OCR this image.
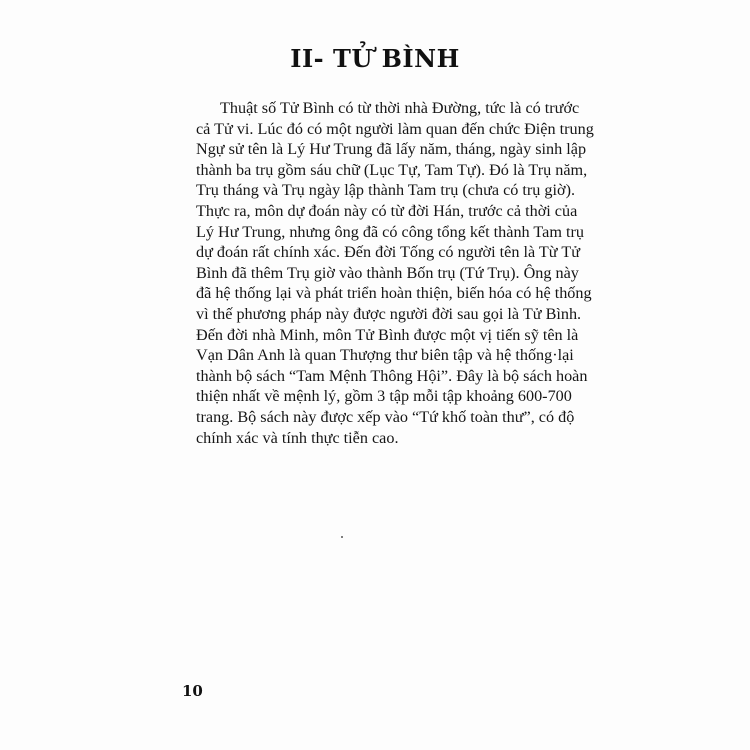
II- TỬ BÌNH

Thuật số Tử Bình có từ thời nhà Đường, tức là có trước
cả Tử vi. Lúc đó có một người làm quan đến chức Điện trung
Ngự sử tên là Lý Hư Trung đã lấy năm, tháng, ngày sinh lập
thành ba trụ gồm sáu chữ (Lục Tự, Tam Tự). Đó là Trụ năm,
Trụ tháng và Trụ ngày lập thành Tam trụ (chưa có trụ giờ).
Thực ra, môn dự đoán này có từ đời Hán, trước cả thời của
Lý Hư Trung, nhưng ông đã có công tổng kết thành Tam trụ
dự đoán rất chính xác. Đến đời Tống có người tên là Từ Tử
Bình đã thêm Trụ giờ vào thành Bốn trụ (Tứ Trụ). Ông này
đã hệ thống lại và phát triển hoàn thiện, biến hóa có hệ thống
vì thế phương pháp này được người đời sau gọi là Tử Bình.
Đến đời nhà Minh, môn Tử Bình được một vị tiến sỹ tên là
Vạn Dân Anh là quan Thượng thư biên tập và hệ thống·lại
thành bộ sách “Tam Mệnh Thông Hội”. Đây là bộ sách hoàn
thiện nhất về mệnh lý, gồm 3 tập mỗi tập khoảng 600-700
trang. Bộ sách này được xếp vào “Tứ khố toàn thư”, có độ
chính xác và tính thực tiễn cao.

10
